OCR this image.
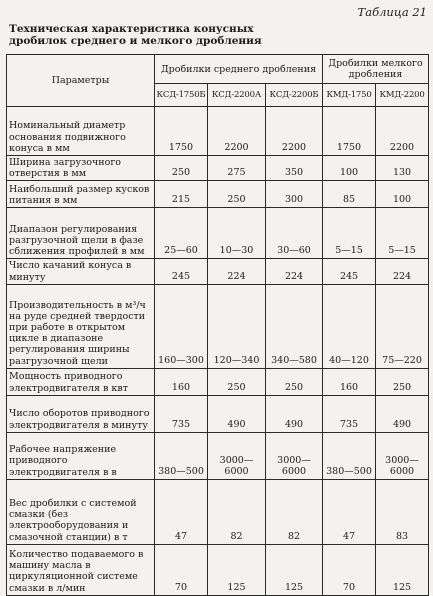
Таблица 21
Техническая характеристика конусных дробилок среднего и мелкого дробления
Параметры	Дробилки среднего дробления			Дробилки мелкого дробления	
	КСД-1750Б	КСД-2200А	КСД-2200Б	КМД-1750	КМД-2200
Номинальный диаметр основания подвижного конуса в мм	1750	2200	2200	1750	2200
Ширина загрузочного отверстия в мм	250	275	350	100	130
Наибольший размер кусков питания в мм	215	250	300	85	100
Диапазон регулирования разгрузочной щели в фазе сближения профилей в мм	25—60	10—30	30—60	5—15	5—15
Число качаний конуса в минуту	245	224	224	245	224
Производительность в м³/ч на руде средней твердости при работе в открытом цикле в диапазоне регулирования ширины разгрузочной щели	160—300	120—340	340—580	40—120	75—220
Мощность приводного электродвигателя в квт	160	250	250	160	250
Число оборотов приводного электродвигателя в минуту	735	490	490	735	490
Рабочее напряжение приводного электродвигателя в в	380—500	3000—6000	3000—6000	380—500	3000—6000
Вес дробилки с системой смазки (без электрооборудования и смазочной станции) в т	47	82	82	47	83
Количество подаваемого в машину масла в циркуляционной системе смазки в л/мин	70	125	125	70	125
